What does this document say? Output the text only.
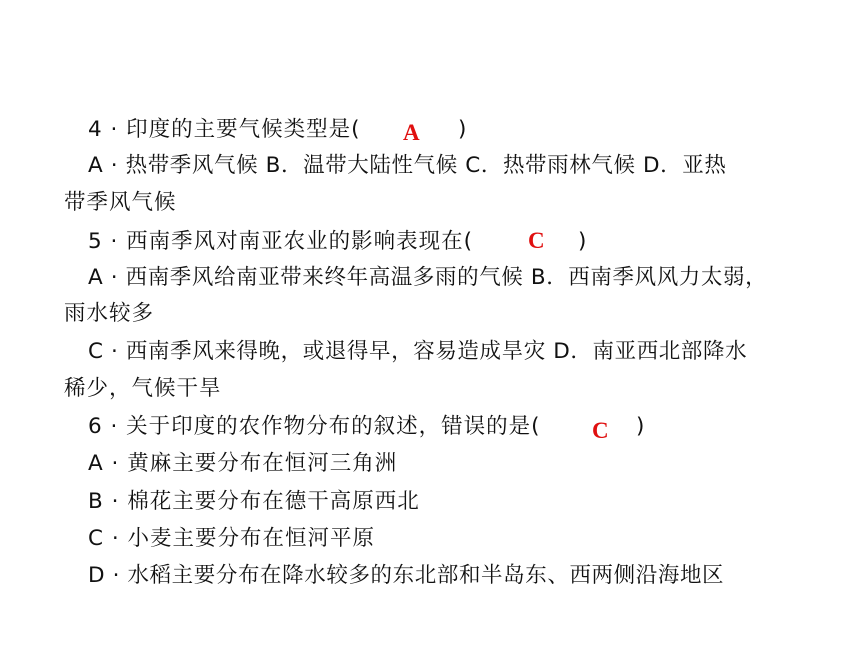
4 · 印度的主要气候类型是( A )
A · 热带季风气候 B．温带大陆性气候 C．热带雨林气候 D．亚热
带季风气候
5 · 西南季风对南亚农业的影响表现在( C )
A · 西南季风给南亚带来终年高温多雨的气候 B．西南季风风力太弱，
雨水较多
C · 西南季风来得晚，或退得早，容易造成旱灾 D．南亚西北部降水
稀少，气候干旱
6 · 关于印度的农作物分布的叙述，错误的是( C )
A · 黄麻主要分布在恒河三角洲
B · 棉花主要分布在德干高原西北
C · 小麦主要分布在恒河平原
D · 水稻主要分布在降水较多的东北部和半岛东、西两侧沿海地区
